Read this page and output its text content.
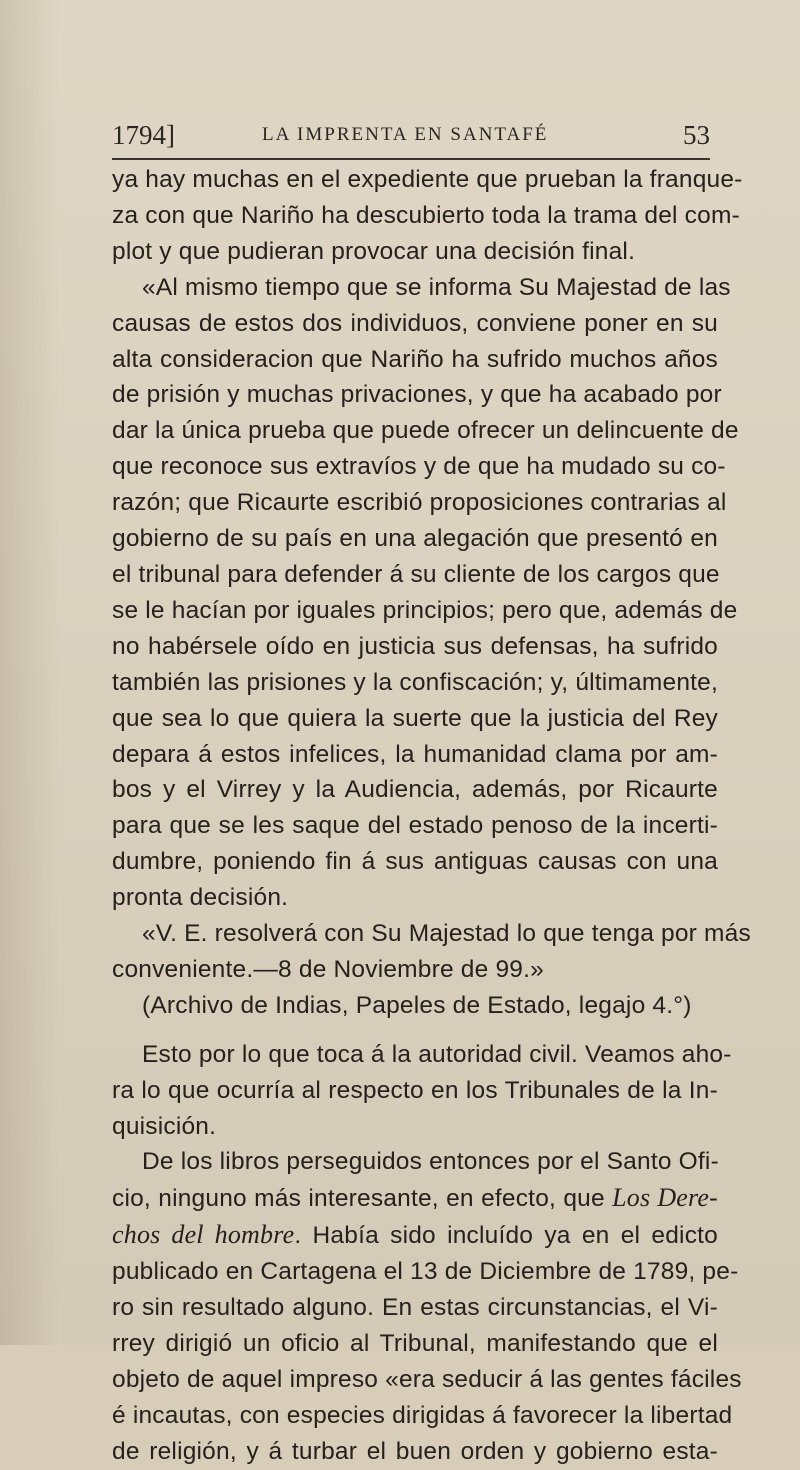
1794]	LA IMPRENTA EN SANTAFÉ	53
ya hay muchas en el expediente que prueban la franque-
za con que Nariño ha descubierto toda la trama del com-
plot y que pudieran provocar una decisión final.
«Al mismo tiempo que se informa Su Majestad de las
causas de estos dos individuos, conviene poner en su
alta consideracion que Nariño ha sufrido muchos años
de prisión y muchas privaciones, y que ha acabado por
dar la única prueba que puede ofrecer un delincuente de
que reconoce sus extravíos y de que ha mudado su co-
razón; que Ricaurte escribió proposiciones contrarias al
gobierno de su país en una alegación que presentó en
el tribunal para defender á su cliente de los cargos que
se le hacían por iguales principios; pero que, además de
no habérsele oído en justicia sus defensas, ha sufrido
también las prisiones y la confiscación; y, últimamente,
que sea lo que quiera la suerte que la justicia del Rey
depara á estos infelices, la humanidad clama por am-
bos y el Virrey y la Audiencia, además, por Ricaurte
para que se les saque del estado penoso de la incerti-
dumbre, poniendo fin á sus antiguas causas con una
pronta decisión.
«V. E. resolverá con Su Majestad lo que tenga por más
conveniente.—8 de Noviembre de 99.»
(Archivo de Indias, Papeles de Estado, legajo 4.°)
Esto por lo que toca á la autoridad civil. Veamos aho-
ra lo que ocurría al respecto en los Tribunales de la In-
quisición.
De los libros perseguidos entonces por el Santo Ofi-
cio, ninguno más interesante, en efecto, que Los Dere-
chos del hombre. Había sido incluído ya en el edicto
publicado en Cartagena el 13 de Diciembre de 1789, pe-
ro sin resultado alguno. En estas circunstancias, el Vi-
rrey dirigió un oficio al Tribunal, manifestando que el
objeto de aquel impreso «era seducir á las gentes fáciles
é incautas, con especies dirigidas á favorecer la libertad
de religión, y á turbar el buen orden y gobierno esta-
